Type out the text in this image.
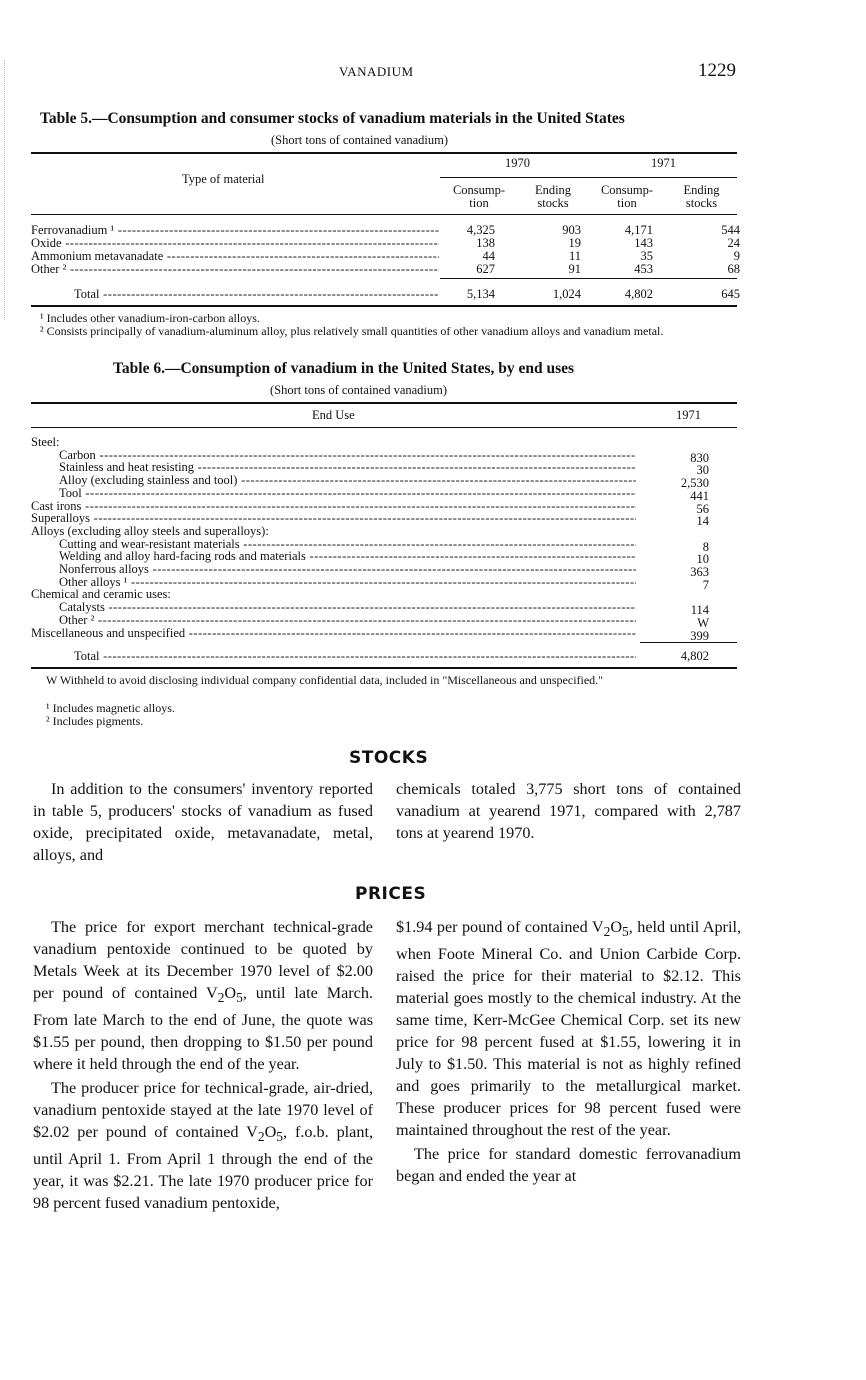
VANADIUM	1229
Table 5.—Consumption and consumer stocks of vanadium materials in the United States
(Short tons of contained vanadium)
Type of material
1970	1971
Consump-
tion
Ending
stocks
Consump-
tion
Ending
stocks
Ferrovanadium ¹ -----	4,325	903	4,171	544
Oxide -----	138	19	143	24
Ammonium metavanadate -----	44	11	35	9
Other ² -----	627	91	453	68
Total -----	5,134	1,024	4,802	645
¹ Includes other vanadium-iron-carbon alloys.
² Consists principally of vanadium-aluminum alloy, plus relatively small quantities of other vanadium alloys and vanadium metal.
Table 6.—Consumption of vanadium in the United States, by end uses
(Short tons of contained vanadium)
End Use	1971
Steel:
Carbon -----	830
Stainless and heat resisting -----	30
Alloy (excluding stainless and tool) -----	2,530
Tool -----	441
Cast irons -----	56
Superalloys -----	14
Alloys (excluding alloy steels and superalloys):
Cutting and wear-resistant materials -----	8
Welding and alloy hard-facing rods and materials -----	10
Nonferrous alloys -----	363
Other alloys ¹ -----	7
Chemical and ceramic uses:
Catalysts -----	114
Other ² -----	W
Miscellaneous and unspecified -----	399
Total -----	4,802
W Withheld to avoid disclosing individual company confidential data, included in "Miscellaneous and unspecified."
¹ Includes magnetic alloys.
² Includes pigments.
STOCKS

In addition to the consumers' inventory reported in table 5, producers' stocks of vanadium as fused oxide, precipitated oxide, metavanadate, metal, alloys, and

chemicals totaled 3,775 short tons of contained vanadium at yearend 1971, compared with 2,787 tons at yearend 1970.

PRICES

The price for export merchant technical-grade vanadium pentoxide continued to be quoted by Metals Week at its December 1970 level of $2.00 per pound of contained $V_2O_5$, until late March. From late March to the end of June, the quote was $1.55 per pound, then dropping to $1.50 per pound where it held through the end of the year.

The producer price for technical-grade, air-dried, vanadium pentoxide stayed at the late 1970 level of $2.02 per pound of contained $V_2O_5$, f.o.b. plant, until April 1. From April 1 through the end of the year, it was $2.21. The late 1970 producer price for 98 percent fused vanadium pentoxide,

$1.94 per pound of contained $V_2O_5$, held until April, when Foote Mineral Co. and Union Carbide Corp. raised the price for their material to $2.12. This material goes mostly to the chemical industry. At the same time, Kerr-McGee Chemical Corp. set its new price for 98 percent fused at $1.55, lowering it in July to $1.50. This material is not as highly refined and goes primarily to the metallurgical market. These producer prices for 98 percent fused were maintained throughout the rest of the year.

The price for standard domestic ferrovanadium began and ended the year at
